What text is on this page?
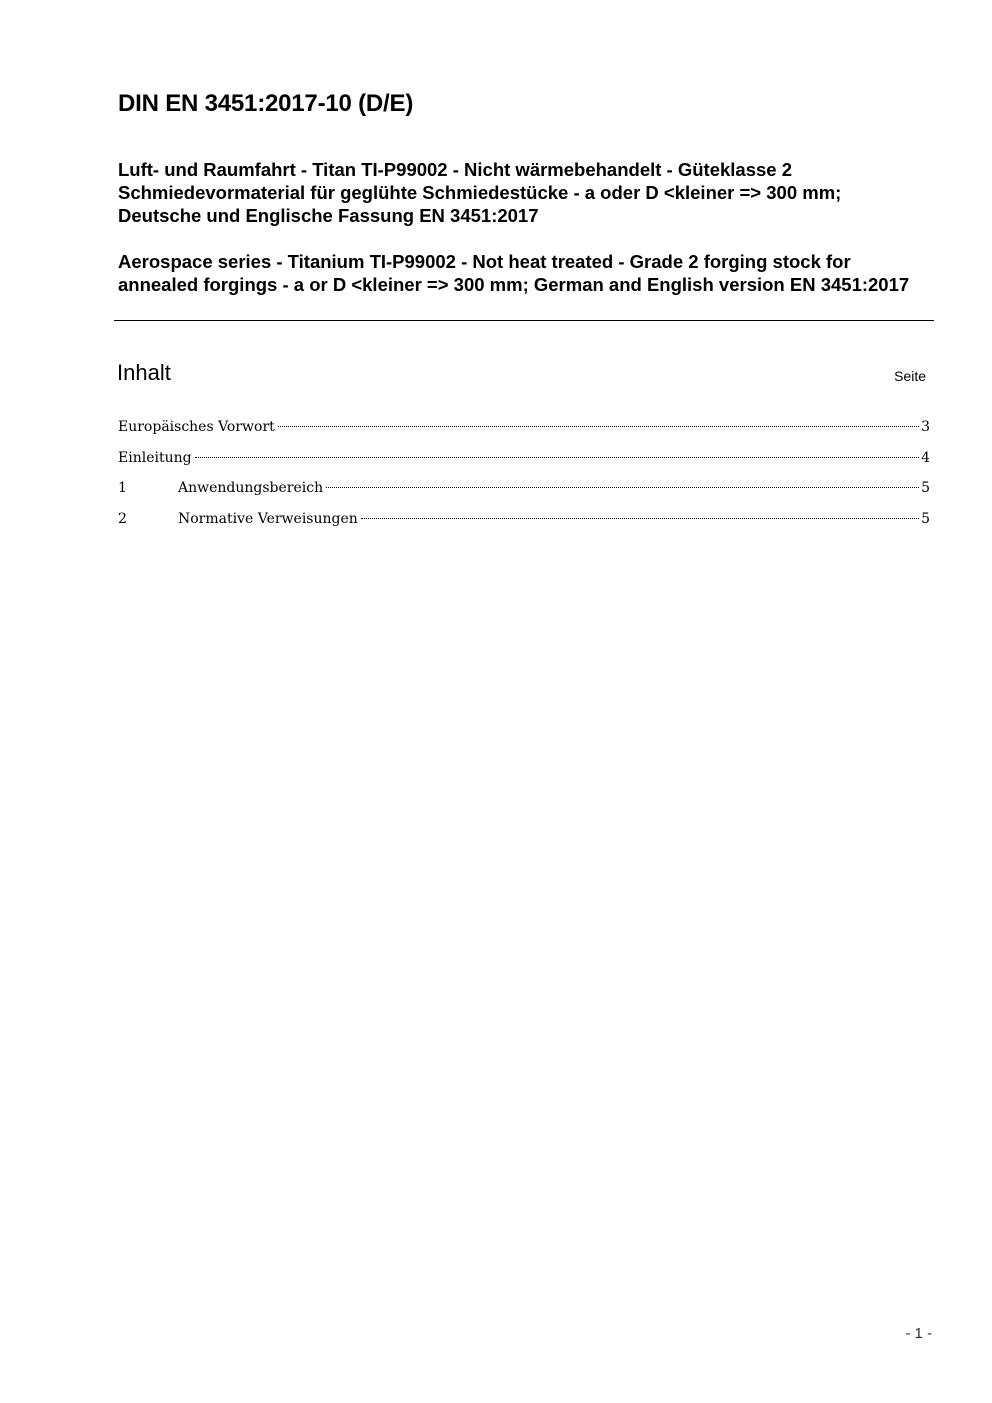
DIN EN 3451:2017-10 (D/E)

Luft- und Raumfahrt - Titan TI-P99002 - Nicht wärmebehandelt - Güteklasse 2 Schmiedevormaterial für geglühte Schmiedestücke - a oder D <kleiner => 300 mm; Deutsche und Englische Fassung EN 3451:2017

Aerospace series - Titanium TI-P99002 - Not heat treated - Grade 2 forging stock for annealed forgings - a or D <kleiner => 300 mm; German and English version EN 3451:2017

Inhalt	Seite
Europäisches Vorwort	3
Einleitung	4
1	Anwendungsbereich	5
2	Normative Verweisungen	5
- 1 -
